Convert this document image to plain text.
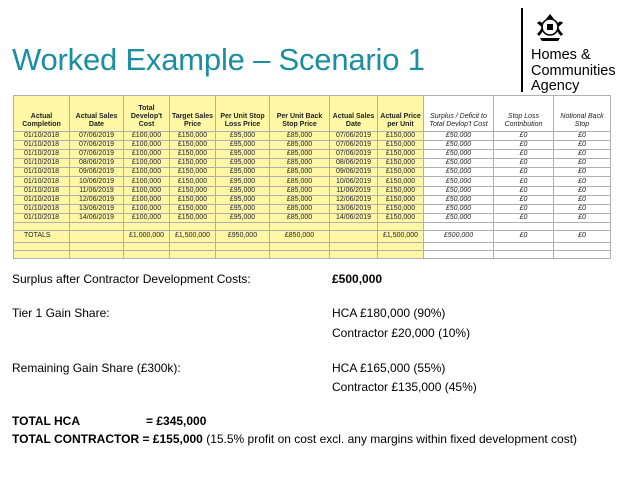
Worked Example – Scenario 1	Homes &
Communities
Agency
Actual Completion	Actual Sales Date	Total Develop't Cost	Target Sales Price	Per Unit Stop Loss Price	Per Unit Back Stop Price	Actual Sales Date	Actual Price per Unit	Surplus / Deficit to Total Devlop't Cost	Stop Loss Contribution	Notional Back Stop
01/10/2018	07/06/2019	£100,000	£150,000	£95,000	£85,000	07/06/2019	£150,000	£50,000	£0	£0
01/10/2018	07/06/2019	£100,000	£150,000	£95,000	£85,000	07/06/2019	£150,000	£50,000	£0	£0
01/10/2018	07/06/2019	£100,000	£150,000	£95,000	£85,000	07/06/2019	£150,000	£50,000	£0	£0
01/10/2018	08/06/2019	£100,000	£150,000	£95,000	£85,000	08/06/2019	£150,000	£50,000	£0	£0
01/10/2018	09/06/2019	£100,000	£150,000	£95,000	£85,000	09/06/2019	£150,000	£50,000	£0	£0
01/10/2018	10/06/2019	£100,000	£150,000	£95,000	£85,000	10/06/2019	£150,000	£50,000	£0	£0
01/10/2018	11/06/2019	£100,000	£150,000	£95,000	£85,000	11/06/2019	£150,000	£50,000	£0	£0
01/10/2018	12/06/2019	£100,000	£150,000	£95,000	£85,000	12/06/2019	£150,000	£50,000	£0	£0
01/10/2018	13/06/2019	£100,000	£150,000	£95,000	£85,000	13/06/2019	£150,000	£50,000	£0	£0
01/10/2018	14/06/2019	£100,000	£150,000	£95,000	£85,000	14/06/2019	£150,000	£50,000	£0	£0

TOTALS		£1,000,000	£1,500,000	£950,000	£850,000		£1,500,000	£500,000	£0	£0

Surplus after Contractor Development Costs:	£500,000
Tier 1 Gain Share:	HCA £180,000 (90%)
Contractor £20,000 (10%)
Remaining Gain Share (£300k):	HCA £165,000 (55%)
Contractor £135,000 (45%)
TOTAL HCA	= £345,000
TOTAL CONTRACTOR = £155,000 (15.5% profit on cost excl. any margins within fixed development cost)
